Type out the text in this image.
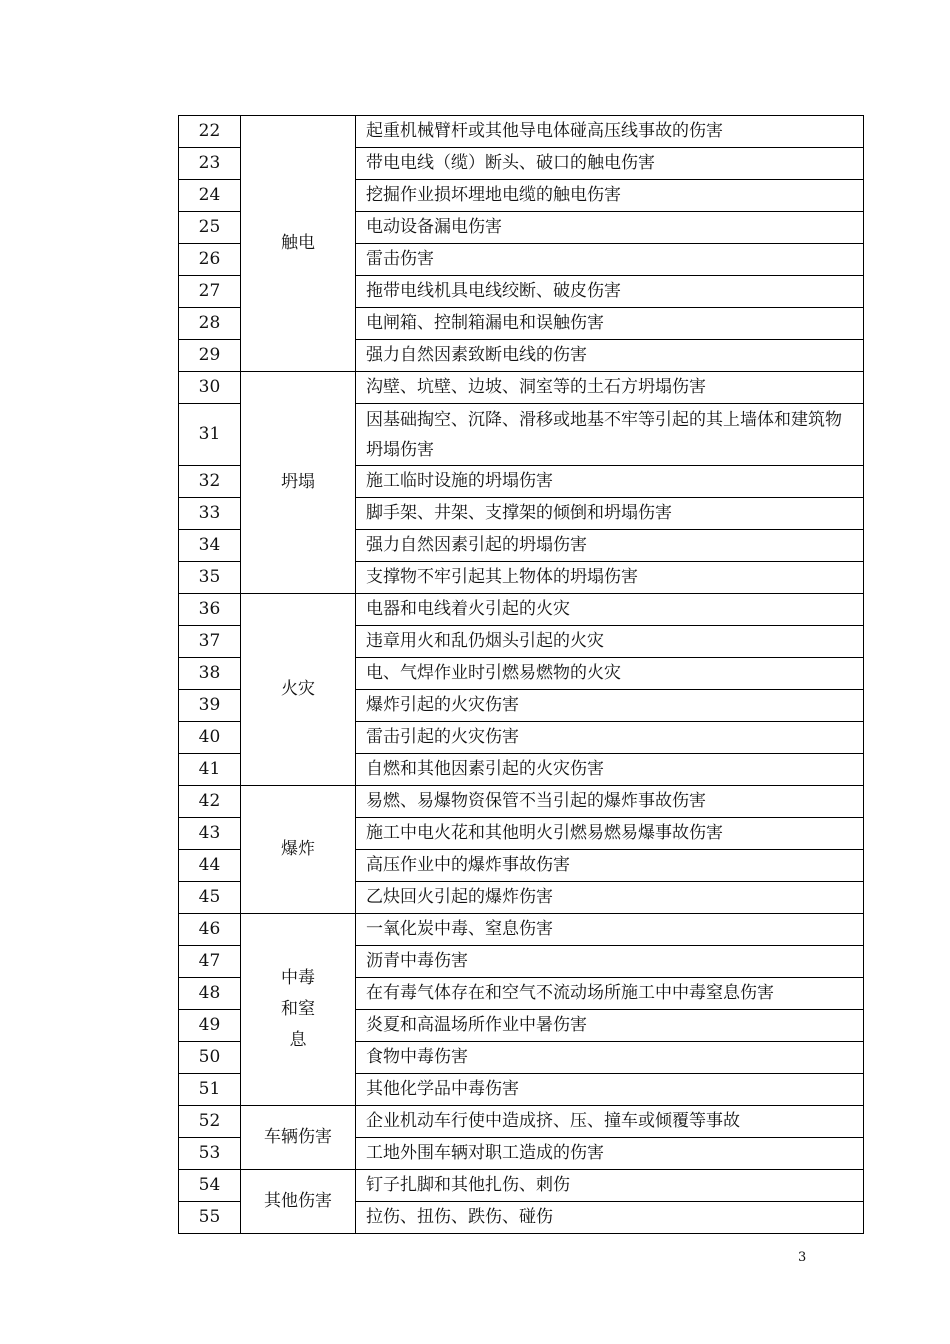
22	触电	起重机械臂杆或其他导电体碰高压线事故的伤害
23		带电电线（缆）断头、破口的触电伤害
24		挖掘作业损坏埋地电缆的触电伤害
25		电动设备漏电伤害
26		雷击伤害
27		拖带电线机具电线绞断、破皮伤害
28		电闸箱、控制箱漏电和误触伤害
29		强力自然因素致断电线的伤害
30	坍塌	沟壁、坑壁、边坡、洞室等的土石方坍塌伤害
31		因基础掏空、沉降、滑移或地基不牢等引起的其上墙体和建筑物坍塌伤害
32		施工临时设施的坍塌伤害
33		脚手架、井架、支撑架的倾倒和坍塌伤害
34		强力自然因素引起的坍塌伤害
35		支撑物不牢引起其上物体的坍塌伤害
36	火灾	电器和电线着火引起的火灾
37		违章用火和乱仍烟头引起的火灾
38		电、气焊作业时引燃易燃物的火灾
39		爆炸引起的火灾伤害
40		雷击引起的火灾伤害
41		自燃和其他因素引起的火灾伤害
42	爆炸	易燃、易爆物资保管不当引起的爆炸事故伤害
43		施工中电火花和其他明火引燃易燃易爆事故伤害
44		高压作业中的爆炸事故伤害
45		乙炔回火引起的爆炸伤害
46	中毒和窒息	一氧化炭中毒、窒息伤害
47		沥青中毒伤害
48		在有毒气体存在和空气不流动场所施工中中毒窒息伤害
49		炎夏和高温场所作业中暑伤害
50		食物中毒伤害
51		其他化学品中毒伤害
52	车辆伤害	企业机动车行使中造成挤、压、撞车或倾覆等事故
53		工地外围车辆对职工造成的伤害
54	其他伤害	钉子扎脚和其他扎伤、刺伤
55		拉伤、扭伤、跌伤、碰伤
3
